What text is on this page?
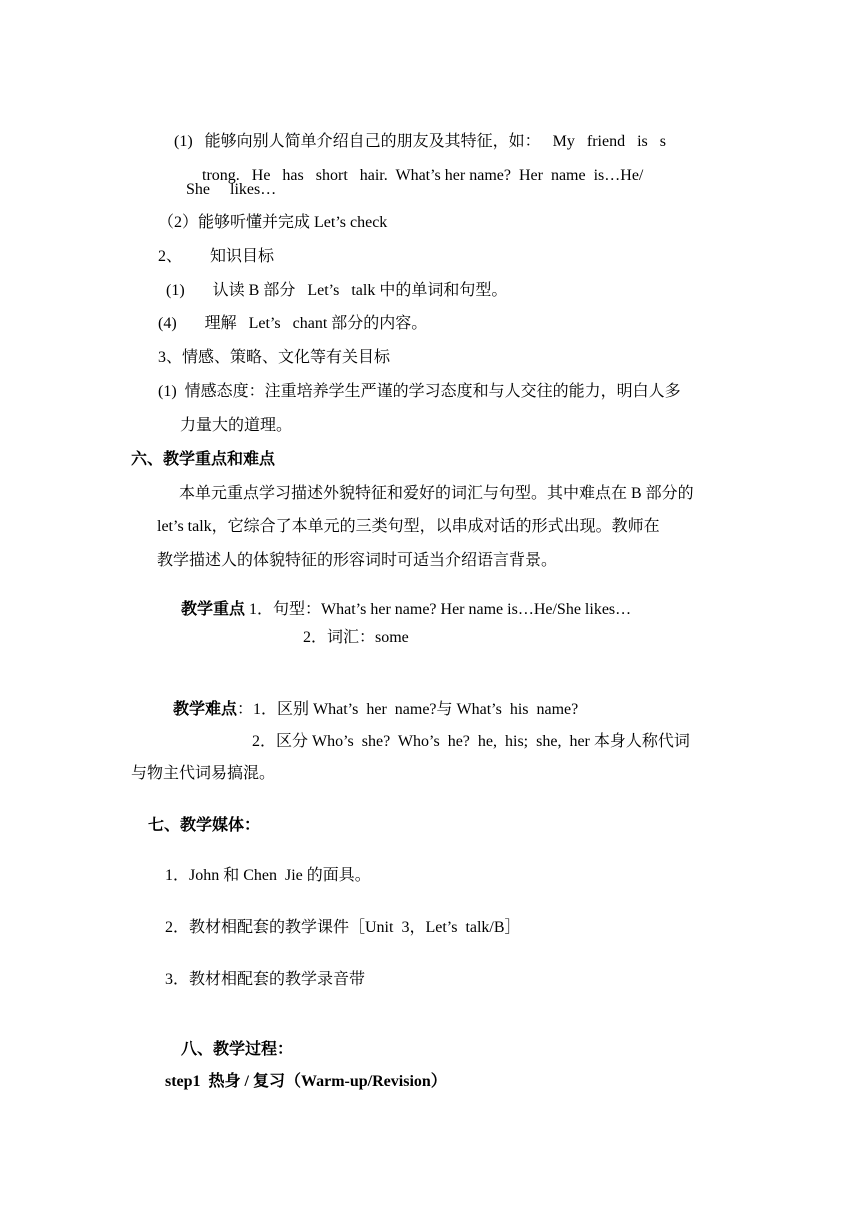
(1)   能够向别人简单介绍自己的朋友及其特征，如：   My   friend   is   s

trong.   He   has   short   hair.  What’s her name?  Her  name  is…He/

She     likes…
（2）能够听懂并完成 Let’s check
2、       知识目标
(1)       认读 B 部分   Let’s   talk 中的单词和句型。
(4)       理解   Let’s   chant 部分的内容。
3、情感、策略、文化等有关目标
(1)  情感态度：注重培养学生严谨的学习态度和与人交往的能力，明白人多
力量大的道理。
六、教学重点和难点
本单元重点学习描述外貌特征和爱好的词汇与句型。其中难点在 B 部分的
let’s talk，它综合了本单元的三类句型，以串成对话的形式出现。教师在
教学描述人的体貌特征的形容词时可适当介绍语言背景。

教学重点 1．句型：What’s her name? Her name is…He/She likes…

2．词汇：some

教学难点：1．区别 What’s  her  name?与 What’s  his  name?

2．区分 Who’s  she?  Who’s  he?  he,  his;  she,  her 本身人称代词
与物主代词易搞混。
七、教学媒体：
1．John 和 Chen  Jie 的面具。
2．教材相配套的教学课件［Unit  3，Let’s  talk/B］
3．教材相配套的教学录音带

八、教学过程：

step1  热身 / 复习（Warm-up/Revision）
